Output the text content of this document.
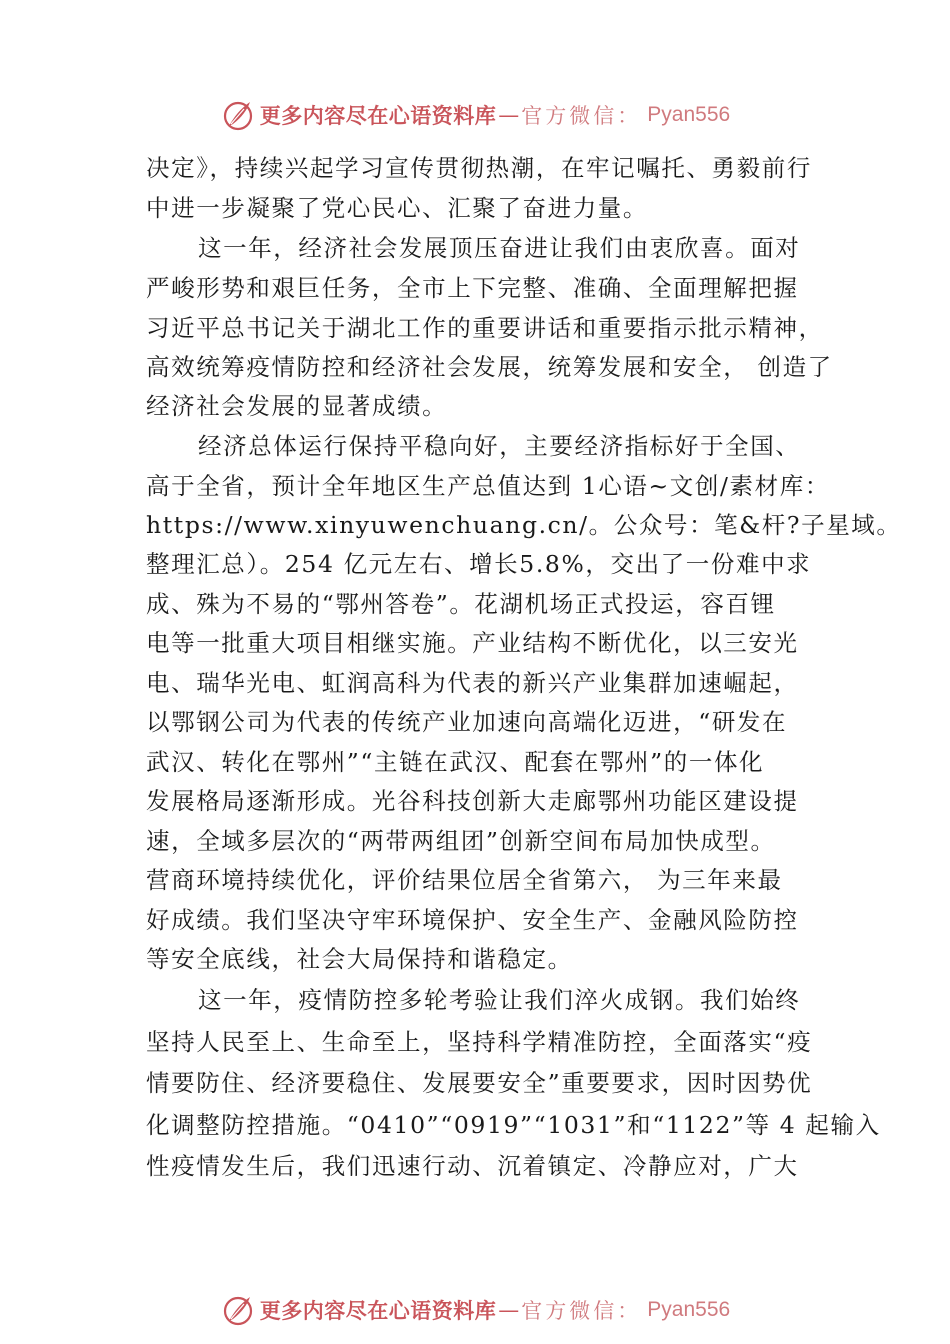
更多内容尽在心语资料库 — 官方微信： Pyan556
决定》，持续兴起学习宣传贯彻热潮，在牢记嘱托、勇毅前行
中进一步凝聚了党心民心、汇聚了奋进力量。
这一年，经济社会发展顶压奋进让我们由衷欣喜。面对
严峻形势和艰巨任务，全市上下完整、准确、全面理解把握
习近平总书记关于湖北工作的重要讲话和重要指示批示精神，
高效统筹疫情防控和经济社会发展，统筹发展和安全， 创造了
经济社会发展的显著成绩。
经济总体运行保持平稳向好，主要经济指标好于全国、
高于全省，预计全年地区生产总值达到 1心语~文创/素材库：
https://www.xinyuwenchuang.cn/。公众号：笔&杆?子星域。
整理汇总）。254 亿元左右、增长5.8%，交出了一份难中求
成、殊为不易的“鄂州答卷”。花湖机场正式投运，容百锂
电等一批重大项目相继实施。产业结构不断优化，以三安光
电、瑞华光电、虹润高科为代表的新兴产业集群加速崛起，
以鄂钢公司为代表的传统产业加速向高端化迈进，“研发在
武汉、转化在鄂州”“主链在武汉、配套在鄂州”的一体化
发展格局逐渐形成。光谷科技创新大走廊鄂州功能区建设提
速，全域多层次的“两带两组团”创新空间布局加快成型。
营商环境持续优化，评价结果位居全省第六， 为三年来最
好成绩。我们坚决守牢环境保护、安全生产、金融风险防控
等安全底线，社会大局保持和谐稳定。
这一年，疫情防控多轮考验让我们淬火成钢。我们始终
坚持人民至上、生命至上，坚持科学精准防控，全面落实“疫
情要防住、经济要稳住、发展要安全”重要要求，因时因势优
化调整防控措施。“0410”“0919”“1031”和“1122”等 4 起输入
性疫情发生后，我们迅速行动、沉着镇定、冷静应对，广大
更多内容尽在心语资料库 — 官方微信： Pyan556
